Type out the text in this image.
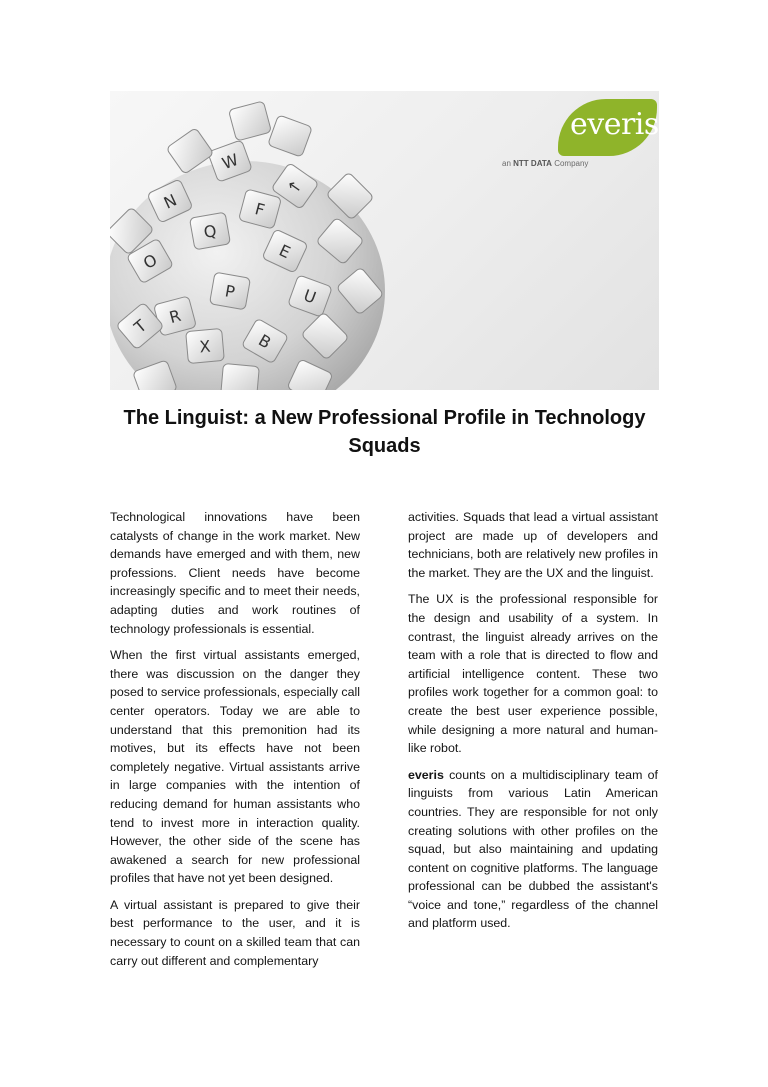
W
F
Q
E
O
R
P	U
X	B
T
N
←
everis
an NTT DATA Company
The Linguist: a New Professional Profile in Technology Squads

Technological innovations have been catalysts of change in the work market. New demands have emerged and with them, new professions. Client needs have become increasingly specific and to meet their needs, adapting duties and work routines of technology professionals is essential.

When the first virtual assistants emerged, there was discussion on the danger they posed to service professionals, especially call center operators. Today we are able to understand that this premonition had its motives, but its effects have not been completely negative. Virtual assistants arrive in large companies with the intention of reducing demand for human assistants who tend to invest more in interaction quality. However, the other side of the scene has awakened a search for new professional profiles that have not yet been designed.

A virtual assistant is prepared to give their best performance to the user, and it is necessary to count on a skilled team that can carry out different and complementary

activities. Squads that lead a virtual assistant project are made up of developers and technicians, both are relatively new profiles in the market. They are the UX and the linguist.

The UX is the professional responsible for the design and usability of a system. In contrast, the linguist already arrives on the team with a role that is directed to flow and artificial intelligence content. These two profiles work together for a common goal: to create the best user experience possible, while designing a more natural and human-like robot.

everis counts on a multidisciplinary team of linguists from various Latin American countries. They are responsible for not only creating solutions with other profiles on the squad, but also maintaining and updating content on cognitive platforms. The language professional can be dubbed the assistant's “voice and tone,” regardless of the channel and platform used.
